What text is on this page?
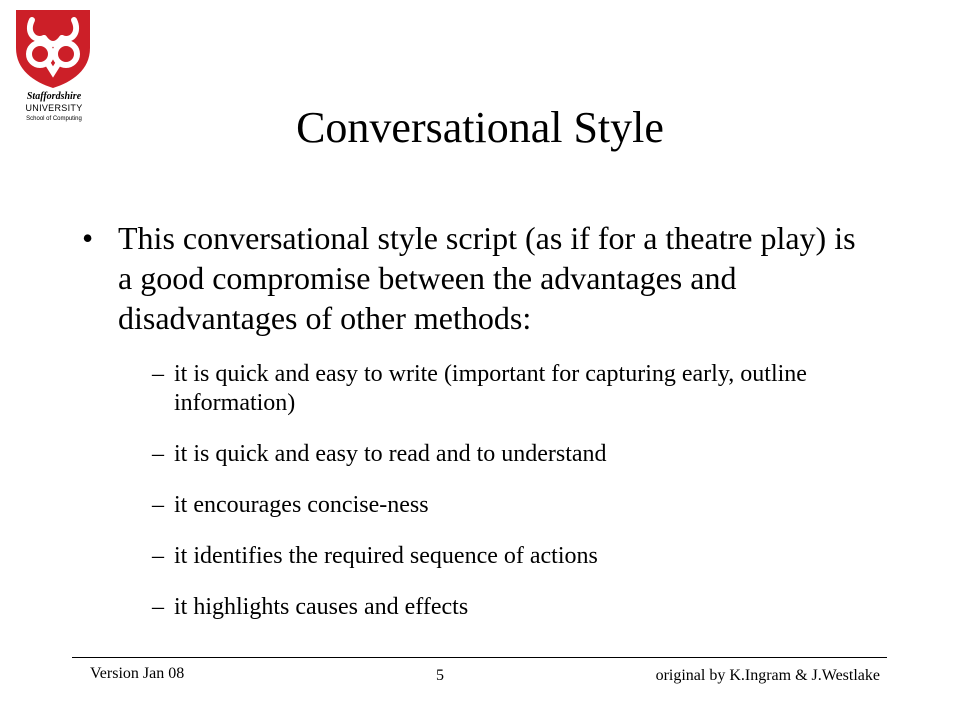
Staffordshire
UNIVERSITY
School of Computing	Conversational Style
• This conversational style script (as if for a theatre play) is a good compromise between the advantages and disadvantages of other methods:
– it is quick and easy to write (important for capturing early, outline information)
– it is quick and easy to read and to understand
– it encourages concise-ness
– it identifies the required sequence of actions
– it highlights causes and effects
Version Jan 08	5	original by K.Ingram & J.Westlake
